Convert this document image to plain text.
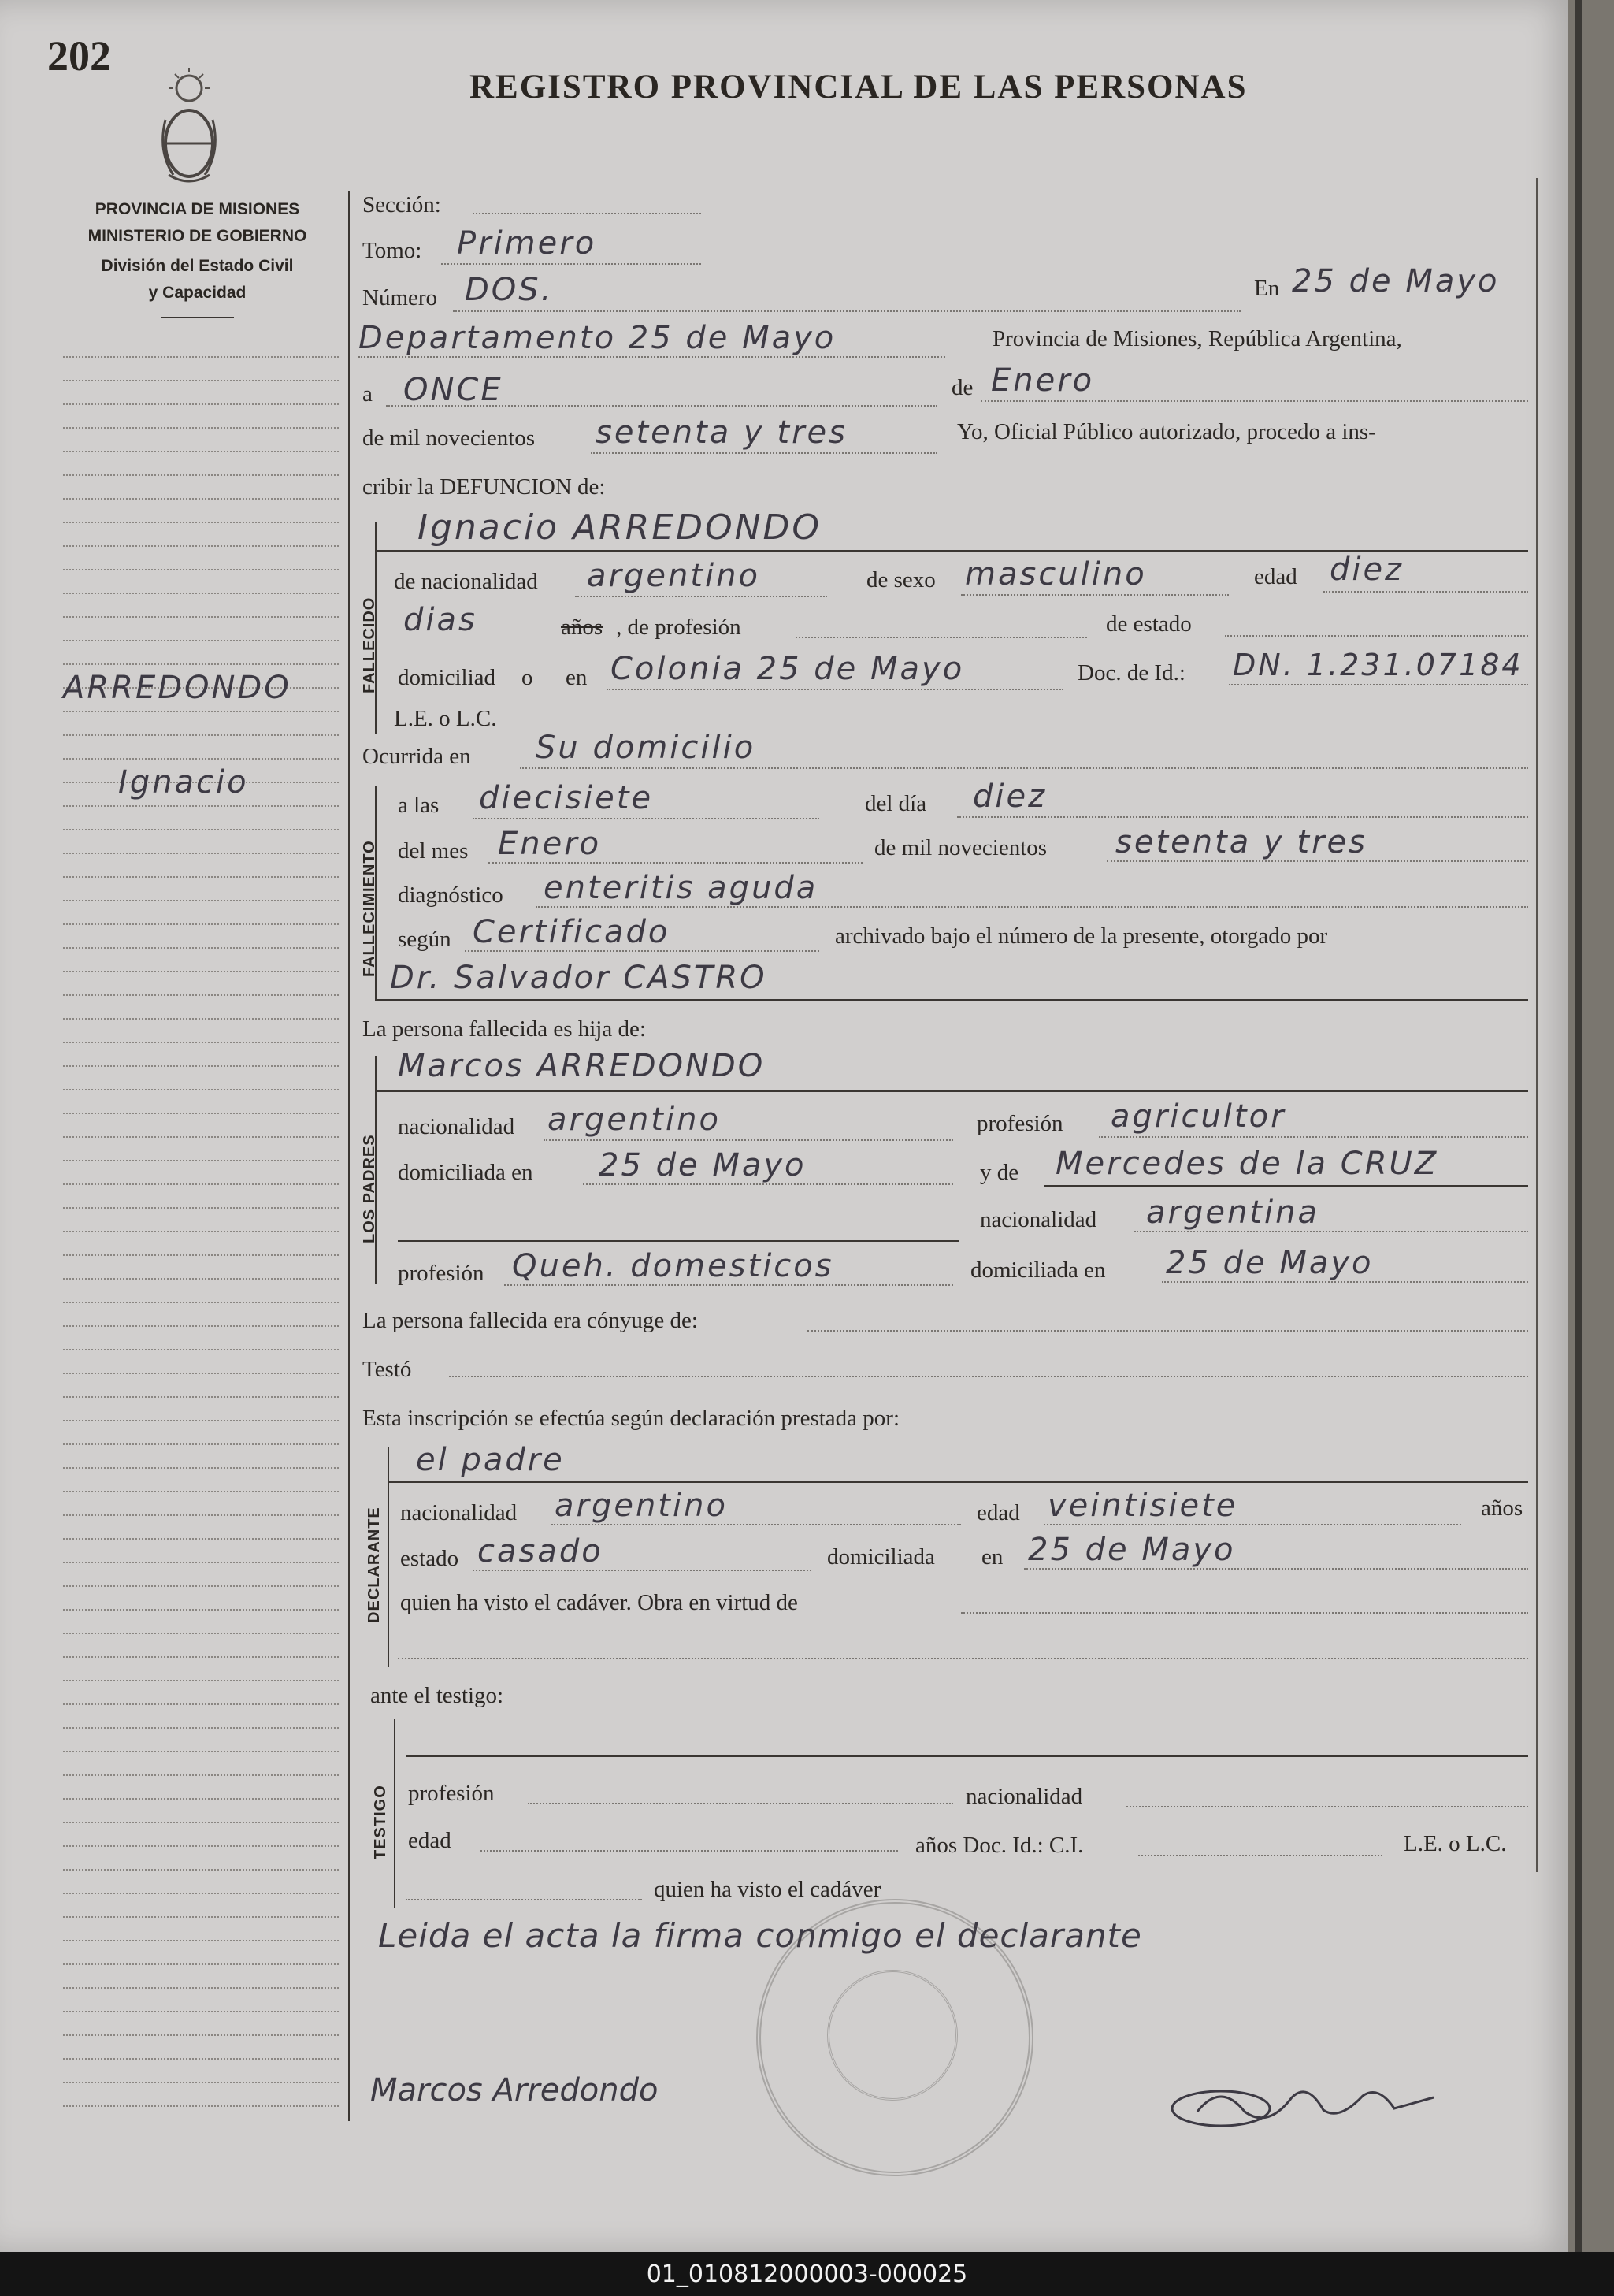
202
REGISTRO PROVINCIAL DE LAS PERSONAS
PROVINCIA DE MISIONES
MINISTERIO DE GOBIERNO
División del Estado Civil
y Capacidad
ARREDONDO
Ignacio
Sección:
Tomo: Primero
Número DOS.	En 25 de Mayo
Departamento 25 de Mayo	Provincia de Misiones, República Argentina,
a ONCE	de Enero
de mil novecientos setenta y tres	Yo, Oficial Público autorizado, procedo a ins-
cribir la DEFUNCION de:
FALLECIDO
Ignacio ARREDONDO
de nacionalidad argentino	de sexo masculino	edad diez
dias	años , de profesión	de estado
domiciliad o en Colonia 25 de Mayo	Doc. de Id.: DN. 1.231.07184
L.E. o L.C.
Ocurrida en Su domicilio
FALLECIMIENTO
a las diecisiete	del día diez
del mes Enero	de mil novecientos setenta y tres
diagnóstico enteritis aguda
según Certificado	archivado bajo el número de la presente, otorgado por
Dr. Salvador CASTRO
La persona fallecida es hija de:
LOS PADRES
Marcos ARREDONDO
nacionalidad argentino	profesión agricultor
domiciliada en 25 de Mayo	y de Mercedes de la CRUZ
nacionalidad argentina
profesión Queh. domesticos	domiciliada en 25 de Mayo
La persona fallecida era cónyuge de:
Testó
Esta inscripción se efectúa según declaración prestada por:
DECLARANTE
el padre
nacionalidad argentino	edad veintisiete	años
estado casado	domiciliada en 25 de Mayo
quien ha visto el cadáver. Obra en virtud de
ante el testigo:
TESTIGO profesión	nacionalidad
edad	años Doc. Id.: C.I.	L.E. o L.C.
quien ha visto el cadáver
Leida el acta la firma conmigo el declarante
Marcos Arredondo
01_010812000003-000025
